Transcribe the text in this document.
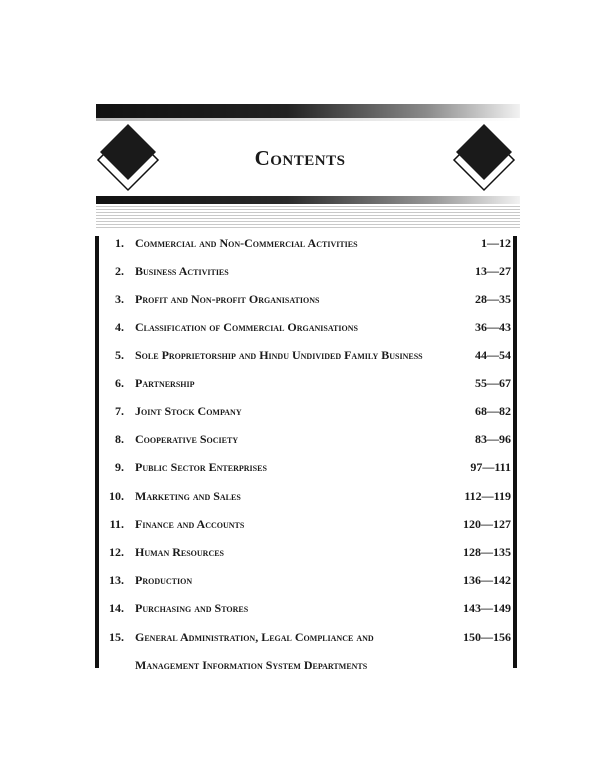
Contents
1. Commercial and Non-Commercial Activities	1—12
2. Business Activities	13—27
3. Profit and Non-profit Organisations	28—35
4. Classification of Commercial Organisations	36—43
5. Sole Proprietorship and Hindu Undivided Family Business	44—54
6. Partnership	55—67
7. Joint Stock Company	68—82
8. Cooperative Society	83—96
9. Public Sector Enterprises	97—111
10. Marketing and Sales	112—119
11. Finance and Accounts	120—127
12. Human Resources	128—135
13. Production	136—142
14. Purchasing and Stores	143—149
15. General Administration, Legal Compliance and
Management Information System Departments
150—156
